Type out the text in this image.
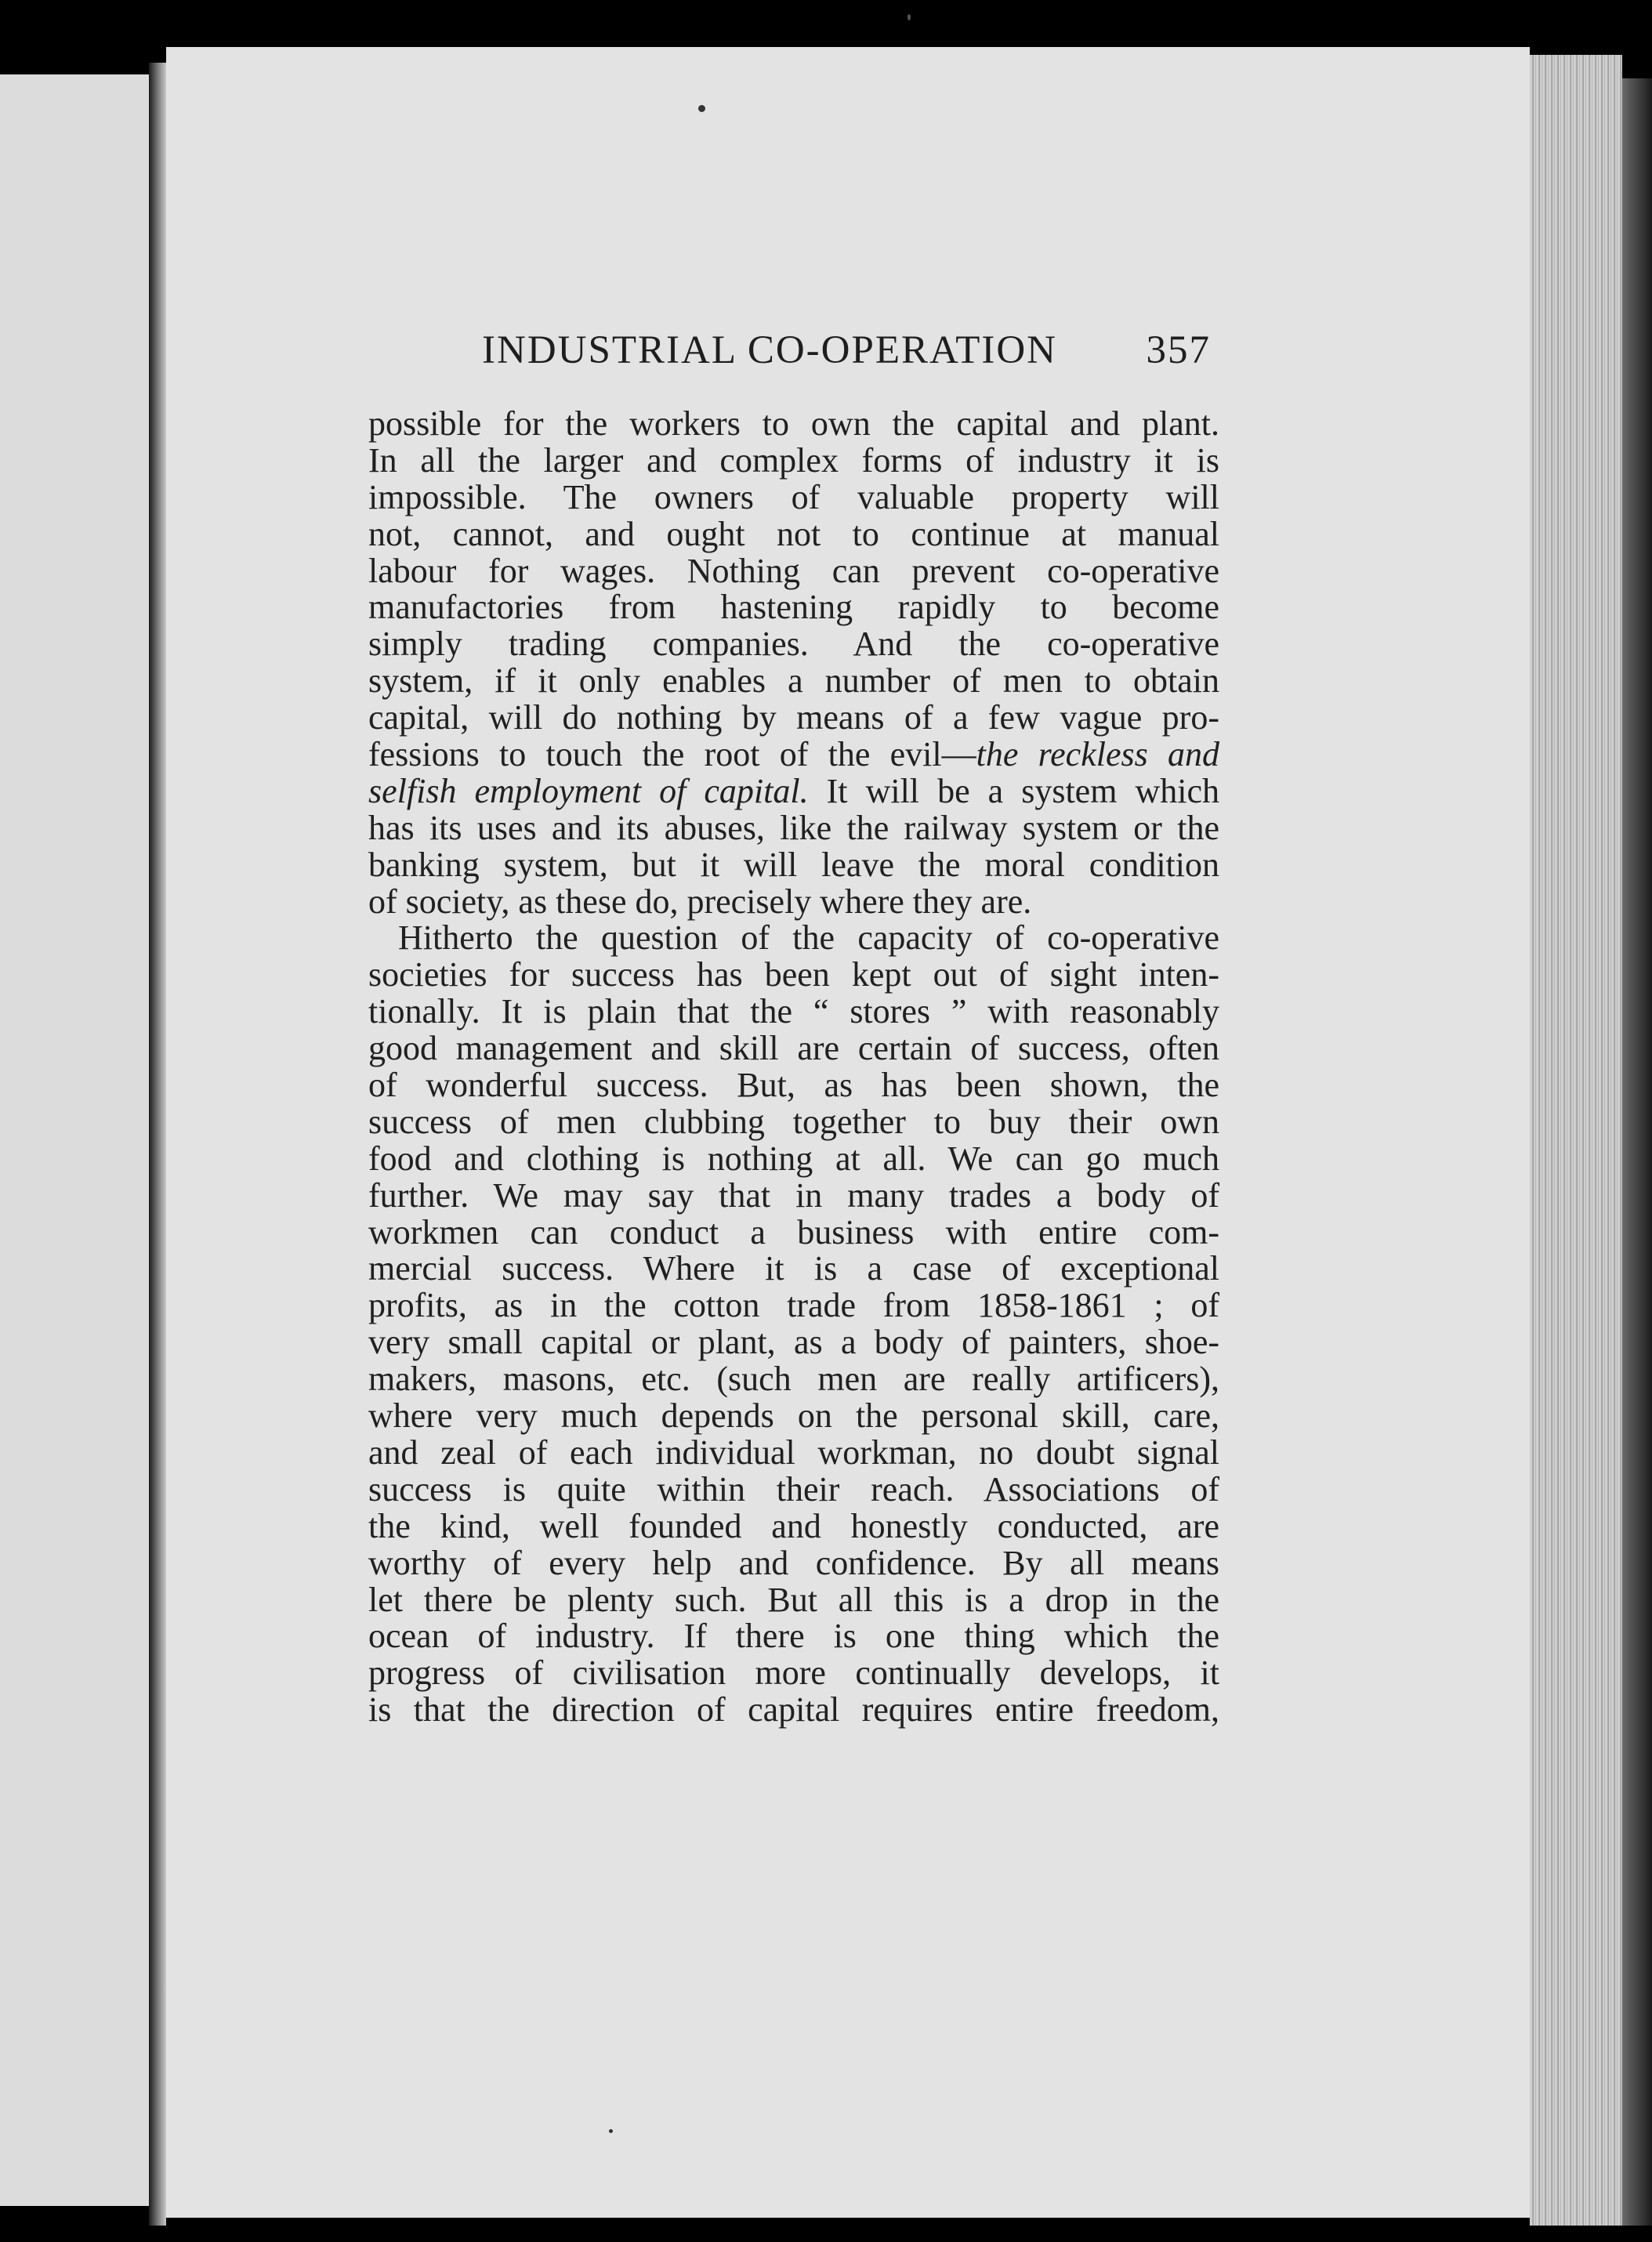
INDUSTRIAL CO-OPERATION 357
possible for the workers to own the capital and plant.
In all the larger and complex forms of industry it is
impossible. The owners of valuable property will
not, cannot, and ought not to continue at manual
labour for wages. Nothing can prevent co-operative
manufactories from hastening rapidly to become
simply trading companies. And the co-operative
system, if it only enables a number of men to obtain
capital, will do nothing by means of a few vague pro-
fessions to touch the root of the evil—the reckless and
selfish employment of capital. It will be a system which
has its uses and its abuses, like the railway system or the
banking system, but it will leave the moral condition
of society, as these do, precisely where they are.
Hitherto the question of the capacity of co-operative
societies for success has been kept out of sight inten-
tionally. It is plain that the “ stores ” with reasonably
good management and skill are certain of success, often
of wonderful success. But, as has been shown, the
success of men clubbing together to buy their own
food and clothing is nothing at all. We can go much
further. We may say that in many trades a body of
workmen can conduct a business with entire com-
mercial success. Where it is a case of exceptional
profits, as in the cotton trade from 1858-1861 ; of
very small capital or plant, as a body of painters, shoe-
makers, masons, etc. (such men are really artificers),
where very much depends on the personal skill, care,
and zeal of each individual workman, no doubt signal
success is quite within their reach. Associations of
the kind, well founded and honestly conducted, are
worthy of every help and confidence. By all means
let there be plenty such. But all this is a drop in the
ocean of industry. If there is one thing which the
progress of civilisation more continually develops, it
is that the direction of capital requires entire freedom,
